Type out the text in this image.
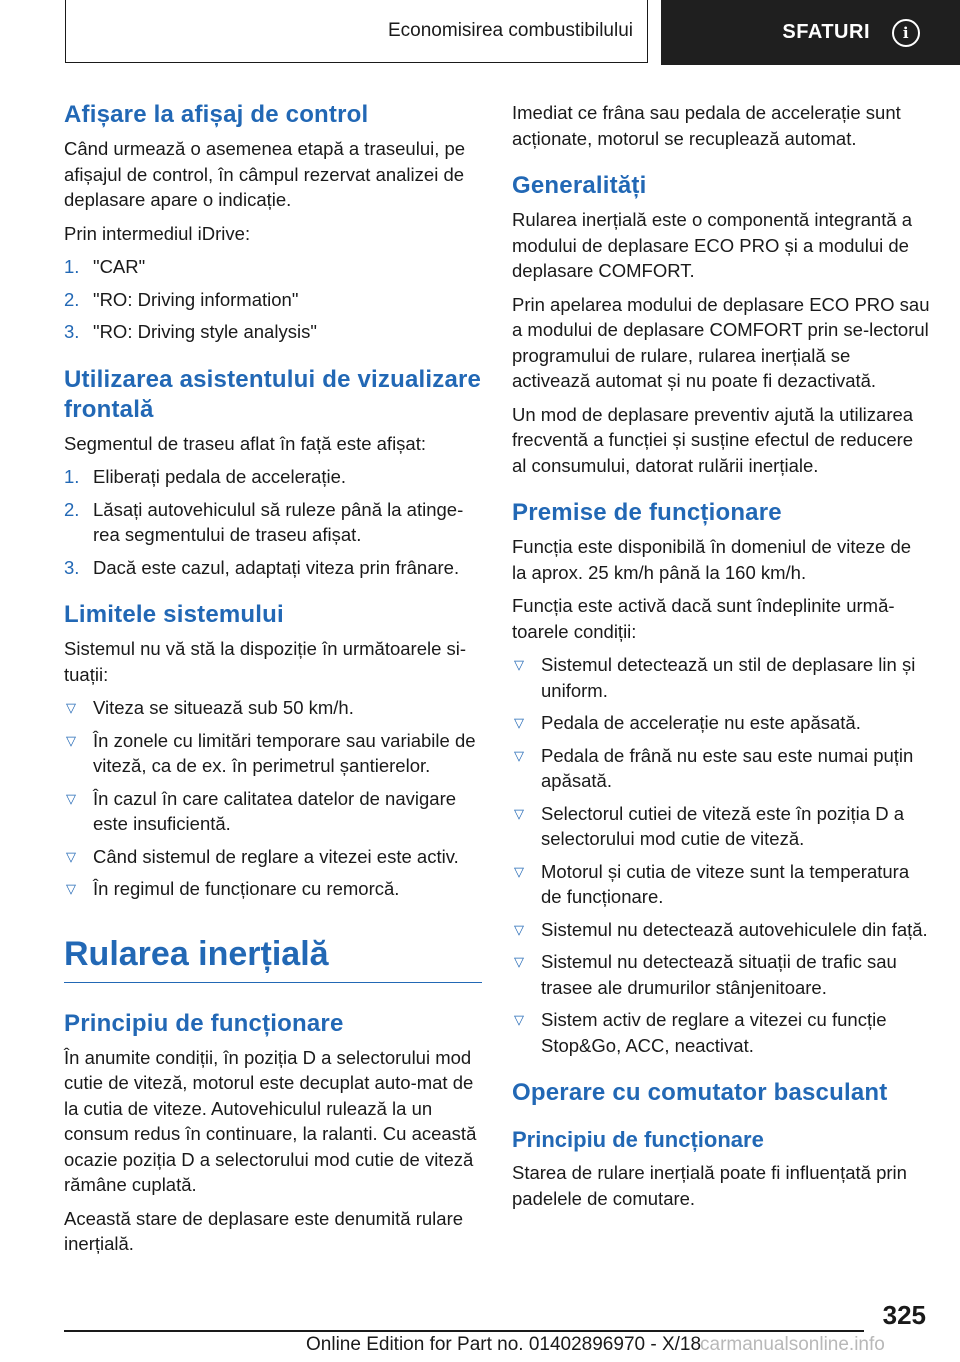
Economisirea combustibilului	SFATURI	i
Afișare la afișaj de control

Când urmează o asemenea etapă a traseului, pe afișajul de control, în câmpul rezervat analizei de deplasare apare o indicație.

Prin intermediul iDrive:

1. "CAR"
2. "RO: Driving information"
3. "RO: Driving style analysis"
Utilizarea asistentului de vizualizare frontală

Segmentul de traseu aflat în față este afișat:

1. Eliberați pedala de accelerație.
2. Lăsați autovehiculul să ruleze până la atinge-rea segmentului de traseu afișat.
3. Dacă este cazul, adaptați viteza prin frânare.
Limitele sistemului

Sistemul nu vă stă la dispoziție în următoarele si-tuații:

▽ Viteza se situează sub 50 km/h.
▽ În zonele cu limitări temporare sau variabile de viteză, ca de ex. în perimetrul șantierelor.
▽ În cazul în care calitatea datelor de navigare este insuficientă.
▽ Când sistemul de reglare a vitezei este activ.
▽ În regimul de funcționare cu remorcă.
Rularea inerțială
Principiu de funcționare

În anumite condiții, în poziția D a selectorului mod cutie de viteză, motorul este decuplat auto-mat de la cutia de viteze. Autovehiculul rulează la un consum redus în continuare, la ralanti. Cu această ocazie poziția D a selectorului mod cutie de viteză rămâne cuplată.

Această stare de deplasare este denumită rulare inerțială.

Imediat ce frâna sau pedala de accelerație sunt acționate, motorul se recuplează automat.

Generalități

Rularea inerțială este o componentă integrantă a modului de deplasare ECO PRO și a modului de deplasare COMFORT.

Prin apelarea modului de deplasare ECO PRO sau a modului de deplasare COMFORT prin se-lectorul programului de rulare, rularea inerțială se activează automat și nu poate fi dezactivată.

Un mod de deplasare preventiv ajută la utilizarea frecventă a funcției și susține efectul de reducere al consumului, datorat rulării inerțiale.

Premise de funcționare

Funcția este disponibilă în domeniul de viteze de la aprox. 25 km/h până la 160 km/h.

Funcția este activă dacă sunt îndeplinite urmă-toarele condiții:

▽ Sistemul detectează un stil de deplasare lin și uniform.
▽ Pedala de accelerație nu este apăsată.
▽ Pedala de frână nu este sau este numai puțin apăsată.
▽ Selectorul cutiei de viteză este în poziția D a selectorului mod cutie de viteză.
▽ Motorul și cutia de viteze sunt la temperatura de funcționare.
▽ Sistemul nu detectează autovehiculele din față.
▽ Sistemul nu detectează situații de trafic sau trasee ale drumurilor stânjenitoare.
▽ Sistem activ de reglare a vitezei cu funcție Stop&Go, ACC, neactivat.
Operare cu comutator basculant
Principiu de funcționare

Starea de rulare inerțială poate fi influențată prin padelele de comutare.

325
Online Edition for Part no. 01402896970 - X/18
carmanualsonline.info
